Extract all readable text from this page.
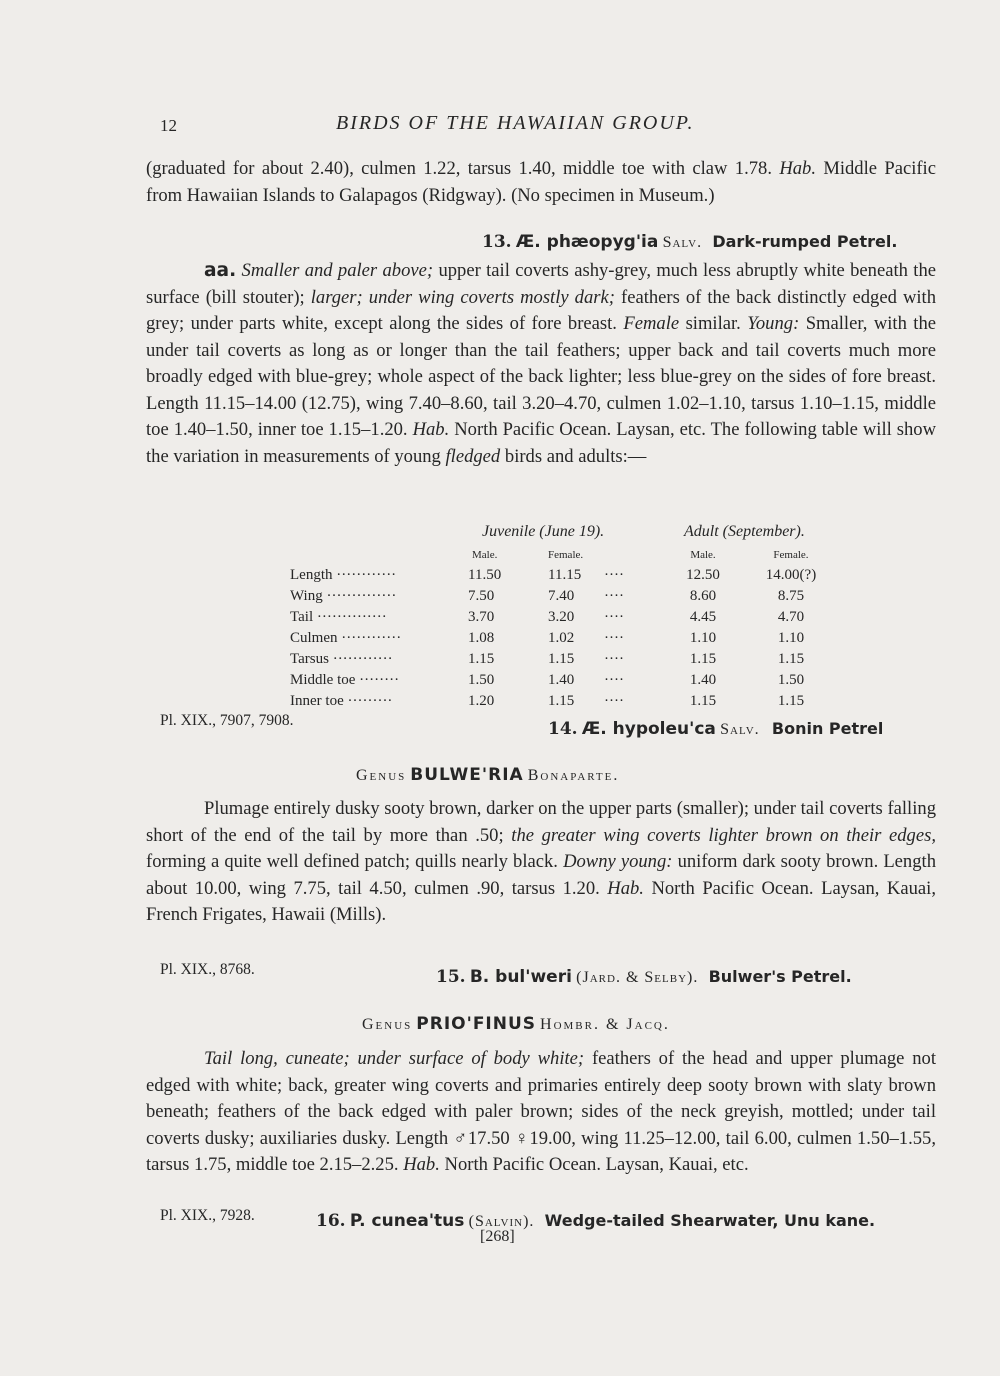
12	BIRDS OF THE HAWAIIAN GROUP.
(graduated for about 2.40), culmen 1.22, tarsus 1.40, middle toe with claw 1.78. Hab. Middle Pacific from Hawaiian Islands to Galapagos (Ridgway). (No specimen in Museum.)
13. Æ. phæopyg'ia Salv. Dark-rumped Petrel.
aa. Smaller and paler above; upper tail coverts ashy-grey, much less abruptly white beneath the surface (bill stouter); larger; under wing coverts mostly dark; feathers of the back distinctly edged with grey; under parts white, except along the sides of fore breast. Female similar. Young: Smaller, with the under tail coverts as long as or longer than the tail feathers; upper back and tail coverts much more broadly edged with blue-grey; whole aspect of the back lighter; less blue-grey on the sides of fore breast. Length 11.15–14.00 (12.75), wing 7.40–8.60, tail 3.20–4.70, culmen 1.02–1.10, tarsus 1.10–1.15, middle toe 1.40–1.50, inner toe 1.15–1.20. Hab. North Pacific Ocean. Laysan, etc. The following table will show the variation in measurements of young fledged birds and adults:—
	Juvenile (June 19).			Adult (September).	
	Male.	Female.		Male.	Female.
Length ············	11.50	11.15	····	12.50	14.00(?)
Wing ··············	7.50	7.40	····	8.60	8.75
Tail ··············	3.70	3.20	····	4.45	4.70
Culmen ············	1.08	1.02	····	1.10	1.10
Tarsus ············	1.15	1.15	····	1.15	1.15
Middle toe ········	1.50	1.40	····	1.40	1.50
Inner toe ·········	1.20	1.15	····	1.15	1.15
Pl. XIX., 7907, 7908.	14. Æ. hypoleu'ca Salv. Bonin Petrel
Genus BULWE'RIA Bonaparte.
Plumage entirely dusky sooty brown, darker on the upper parts (smaller); under tail coverts falling short of the end of the tail by more than .50; the greater wing coverts lighter brown on their edges, forming a quite well defined patch; quills nearly black. Downy young: uniform dark sooty brown. Length about 10.00, wing 7.75, tail 4.50, culmen .90, tarsus 1.20. Hab. North Pacific Ocean. Laysan, Kauai, French Frigates, Hawaii (Mills).
Pl. XIX., 8768.	15. B. bul'weri (Jard. & Selby). Bulwer's Petrel.
Genus PRIO'FINUS Hombr. & Jacq.
Tail long, cuneate; under surface of body white; feathers of the head and upper plumage not edged with white; back, greater wing coverts and primaries entirely deep sooty brown with slaty brown beneath; feathers of the back edged with paler brown; sides of the neck greyish, mottled; under tail coverts dusky; auxiliaries dusky. Length ♂17.50 ♀19.00, wing 11.25–12.00, tail 6.00, culmen 1.50–1.55, tarsus 1.75, middle toe 2.15–2.25. Hab. North Pacific Ocean. Laysan, Kauai, etc.
Pl. XIX., 7928.	16. P. cunea'tus (Salvin). Wedge-tailed Shearwater, Unu kane.
[268]
